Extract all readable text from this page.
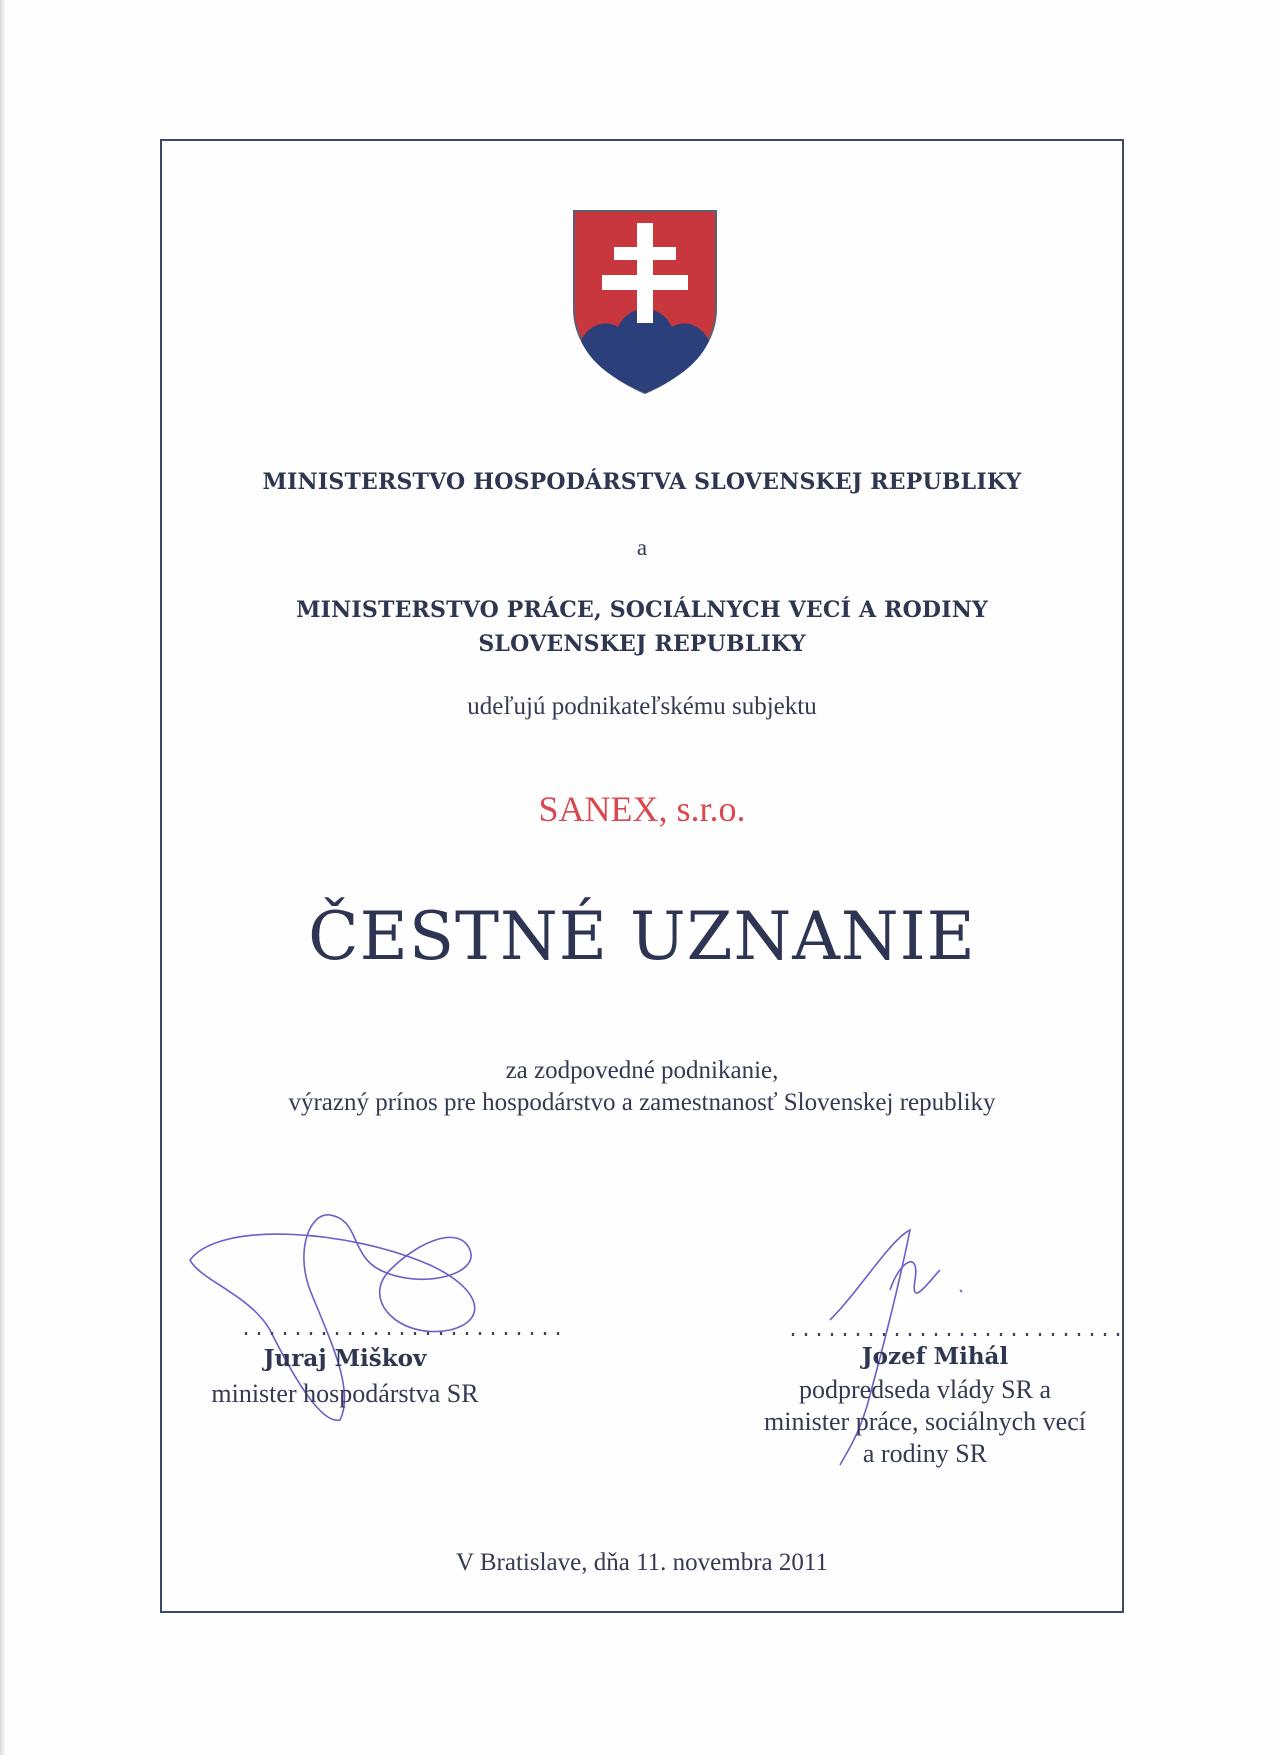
MINISTERSTVO HOSPODÁRSTVA SLOVENSKEJ REPUBLIKY
a
MINISTERSTVO PRÁCE, SOCIÁLNYCH VECÍ A RODINY
SLOVENSKEJ REPUBLIKY
udeľujú podnikateľskému subjektu
SANEX, s.r.o.
ČESTNÉ UZNANIE
za zodpovedné podnikanie,
výrazný prínos pre hospodárstvo a zamestnanosť Slovenskej republiky
.........................
Juraj Miškov
minister hospodárstva SR
..........................
Jozef Mihál
podpredseda vlády SR a
minister práce, sociálnych vecí
a rodiny SR
V Bratislave, dňa 11. novembra 2011
